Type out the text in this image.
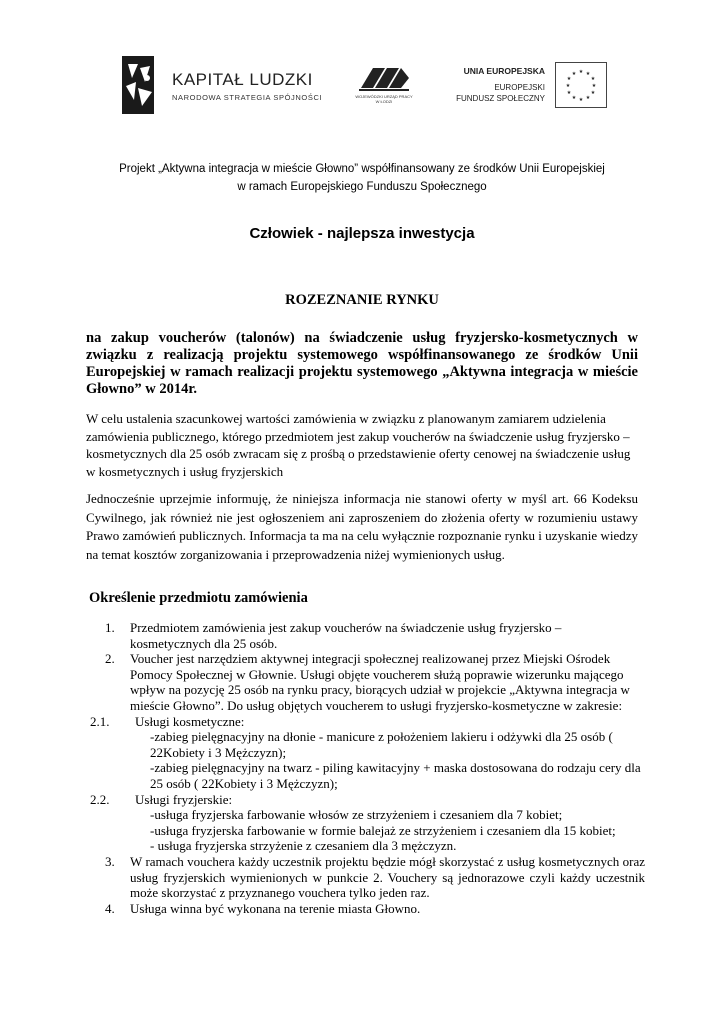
KAPITAŁ LUDZKI
NARODOWA STRATEGIA SPÓJNOŚCI	WOJEWÓDZKI URZĄD PRACY W ŁODZI
UNIA EUROPEJSKA
EUROPEJSKI
FUNDUSZ SPOŁECZNY
★ ★
★
★
★
★
★
★
★
★
★
★
Projekt „Aktywna integracja w mieście Głowno” współfinansowany ze środków Unii Europejskiej
w ramach Europejskiego Funduszu Społecznego
Człowiek - najlepsza inwestycja
ROZEZNANIE RYNKU
na zakup voucherów (talonów) na świadczenie usług fryzjersko-kosmetycznych w związku z realizacją projektu systemowego współfinansowanego ze środków Unii Europejskiej w ramach realizacji projektu systemowego „Aktywna integracja w mieście Głowno” w 2014r.
W celu ustalenia szacunkowej wartości zamówienia w związku z planowanym zamiarem udzielenia zamówienia publicznego, którego przedmiotem jest zakup voucherów na świadczenie usług fryzjersko – kosmetycznych dla 25 osób zwracam się z prośbą o przedstawienie oferty cenowej na świadczenie usług w kosmetycznych i usług fryzjerskich
Jednocześnie uprzejmie informuję, że niniejsza informacja nie stanowi oferty w myśl art. 66 Kodeksu Cywilnego, jak również nie jest ogłoszeniem ani zaproszeniem do złożenia oferty w rozumieniu ustawy Prawo zamówień publicznych. Informacja ta ma na celu wyłącznie rozpoznanie rynku i uzyskanie wiedzy na temat kosztów zorganizowania i przeprowadzenia niżej wymienionych usług.
Określenie przedmiotu zamówienia
1.	Przedmiotem zamówienia jest zakup voucherów na świadczenie usług fryzjersko – kosmetycznych dla 25 osób.
2.	Voucher jest narzędziem aktywnej integracji społecznej realizowanej przez Miejski Ośrodek Pomocy Społecznej w Głownie. Usługi objęte voucherem służą poprawie wizerunku mającego wpływ na pozycję 25 osób na rynku pracy, biorących udział w projekcie „Aktywna integracja w mieście Głowno”. Do usług objętych voucherem to usługi fryzjersko-kosmetyczne w zakresie:
2.1.	Usługi kosmetyczne:
-zabieg pielęgnacyjny na dłonie - manicure z położeniem lakieru i odżywki dla 25 osób ( 22Kobiety i 3 Mężczyzn);
-zabieg pielęgnacyjny na twarz - piling kawitacyjny + maska dostosowana do rodzaju cery dla 25 osób ( 22Kobiety i 3 Mężczyzn);
2.2.	Usługi fryzjerskie:
-usługa fryzjerska farbowanie włosów ze strzyżeniem i czesaniem dla 7 kobiet;
-usługa fryzjerska farbowanie w formie balejaż ze strzyżeniem i czesaniem dla 15 kobiet;
- usługa fryzjerska strzyżenie z czesaniem dla 3 mężczyzn.
3.	W ramach vouchera każdy uczestnik projektu będzie mógł skorzystać z usług kosmetycznych oraz usług fryzjerskich wymienionych w punkcie 2. Vouchery są jednorazowe czyli każdy uczestnik może skorzystać z przyznanego vouchera tylko jeden raz.
4.	Usługa winna być wykonana na terenie miasta Głowno.
